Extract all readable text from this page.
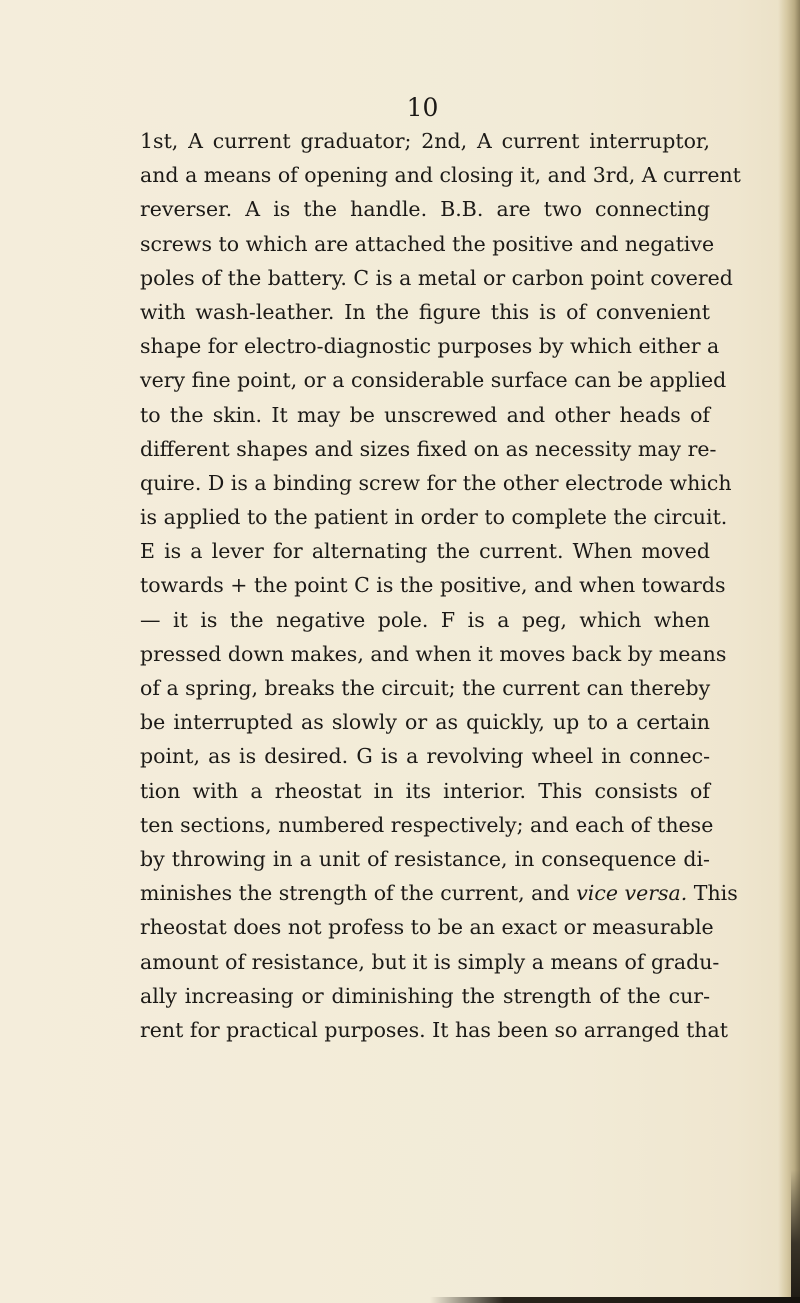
10
1st, A current graduator; 2nd, A current interruptor,
and a means of opening and closing it, and 3rd, A current
reverser. A is the handle. B.B. are two connecting
screws to which are attached the positive and negative
poles of the battery. C is a metal or carbon point covered
with wash-leather. In the figure this is of convenient
shape for electro-diagnostic purposes by which either a
very fine point, or a considerable surface can be applied
to the skin. It may be unscrewed and other heads of
different shapes and sizes fixed on as necessity may re-
quire. D is a binding screw for the other electrode which
is applied to the patient in order to complete the circuit.
E is a lever for alternating the current. When moved
towards + the point C is the positive, and when towards
— it is the negative pole. F is a peg, which when
pressed down makes, and when it moves back by means
of a spring, breaks the circuit; the current can thereby
be interrupted as slowly or as quickly, up to a certain
point, as is desired. G is a revolving wheel in connec-
tion with a rheostat in its interior. This consists of
ten sections, numbered respectively; and each of these
by throwing in a unit of resistance, in consequence di-
minishes the strength of the current, and vice versa. This
rheostat does not profess to be an exact or measurable
amount of resistance, but it is simply a means of gradu-
ally increasing or diminishing the strength of the cur-
rent for practical purposes. It has been so arranged that
